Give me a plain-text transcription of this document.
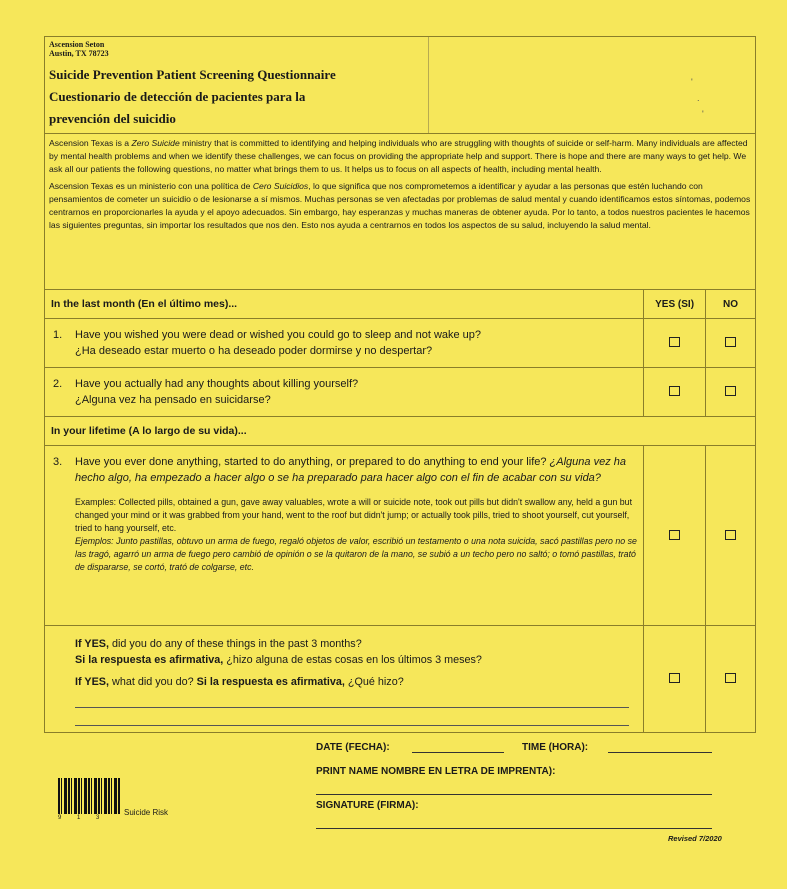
Ascension Seton
Austin, TX 78723
Suicide Prevention Patient Screening Questionnaire
Cuestionario de detección de pacientes para la
prevención del suicidio
'
.
'

Ascension Texas is a Zero Suicide ministry that is committed to identifying and helping individuals who are struggling with thoughts of suicide or self-harm. Many individuals are affected by mental health problems and when we identify these challenges, we can focus on providing the appropriate help and support. There is hope and there are many ways to get help. We ask all our patients the following questions, no matter what brings them to us. It helps us to focus on all aspects of health, including mental health.

Ascension Texas es un ministerio con una política de Cero Suicidios, lo que significa que nos comprometemos a identificar y ayudar a las personas que estén luchando con pensamientos de cometer un suicidio o de lesionarse a sí mismos. Muchas personas se ven afectadas por problemas de salud mental y cuando identificamos estos síntomas, podemos centrarnos en proporcionarles la ayuda y el apoyo adecuados. Sin embargo, hay esperanzas y muchas maneras de obtener ayuda. Por lo tanto, a todos nuestros pacientes le hacemos las siguientes preguntas, sin importar los resultados que nos den. Esto nos ayuda a centrarnos en todos los aspectos de su salud, incluyendo la salud mental.

In the last month (En el último mes)...	YES (SI)	NO

1. Have you wished you were dead or wished you could go to sleep and not wake up?
¿Ha deseado estar muerto o ha deseado poder dormirse y no despertar?		

2. Have you actually had any thoughts about killing yourself?
¿Alguna vez ha pensado en suicidarse?		

In your lifetime (A lo largo de su vida)...		

3. Have you ever done anything, started to do anything, or prepared to do anything to end your life? ¿Alguna vez ha hecho algo, ha empezado a hacer algo o se ha preparado para hacer algo con el fin de acabar con su vida?
Examples: Collected pills, obtained a gun, gave away valuables, wrote a will or suicide note, took out pills but didn't swallow any, held a gun but changed your mind or it was grabbed from your hand, went to the roof but didn't jump; or actually took pills, tried to shoot yourself, cut yourself, tried to hang yourself, etc.
Ejemplos: Junto pastillas, obtuvo un arma de fuego, regaló objetos de valor, escribió un testamento o una nota suicida, sacó pastillas pero no se las tragó, agarró un arma de fuego pero cambió de opinión o se la quitaron de la mano, se subió a un techo pero no saltó; o tomó pastillas, trató de dispararse, se cortó, trató de colgarse, etc.		

If YES, did you do any of these things in the past 3 months?
Si la respuesta es afirmativa, ¿hizo alguna de estas cosas en los últimos 3 meses?
If YES, what did you do? Si la respuesta es afirmativa, ¿Qué hizo?		

DATE (FECHA):	TIME (HORA):
PRINT NAME NOMBRE EN LETRA DE IMPRENTA):
SIGNATURE (FIRMA):
9 1 3
Suicide Risk
Revised 7/2020
